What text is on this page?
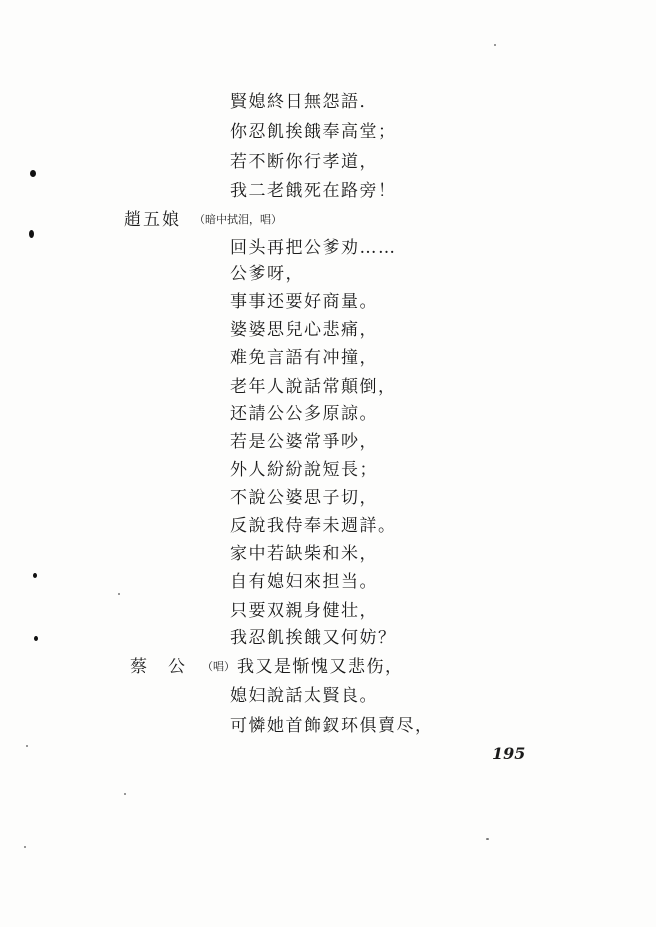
賢媳終日無怨語．
你忍飢挨餓奉高堂；
若不断你行孝道，
我二老餓死在路旁！
趙五娘 （暗中拭泪，唱）
回头再把公爹劝……
公爹呀，
事事还要好商量。
婆婆思兒心悲痛，
难免言語有冲撞，
老年人說話常顛倒，
还請公公多原諒。
若是公婆常爭吵，
外人紛紛說短長；
不說公婆思子切，
反說我侍奉未週詳。
家中若缺柴和米，
自有媳妇來担当。
只要双親身健壮，
我忍飢挨餓又何妨？
蔡　公 （唱） 我又是惭愧又悲伤，
媳妇說話太賢良。
可憐她首飾釵环俱賣尽，
195
